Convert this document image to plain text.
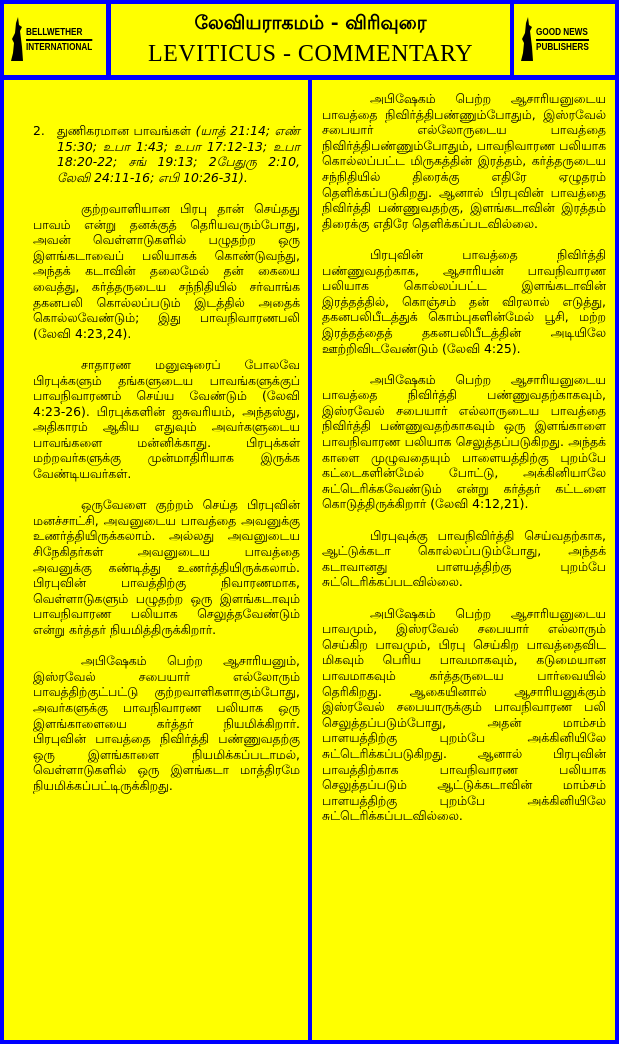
BELLWETHER
INTERNATIONAL
லேவியராகமம் - விரிவுரை
LEVITICUS - COMMENTARY
GOOD NEWS
PUBLISHERS
2. துணிகரமான பாவங்கள் (யாத் 21:14; எண் 15:30; உபா 1:43; உபா 17:12-13; உபா 18:20-22; சங் 19:13; 2பேதுரு 2:10, லேவி 24:11-16; எபி 10:26-31).

குற்றவாளியான பிரபு தான் செய்தது பாவம் என்று தனக்குத் தெரியவரும்போது, அவன் வெள்ளாடுகளில் பழுதற்ற ஒரு இளங்கடாவைப் பலியாகக் கொண்டுவந்து, அந்தக் கடாவின் தலைமேல் தன் கையை வைத்து, கர்த்தருடைய சந்நிதியில் சர்வாங்க தகனபலி கொல்லப்படும் இடத்தில் அதைக் கொல்லவேண்டும்; இது பாவநிவாரணபலி (லேவி 4:23,24).

சாதாரண மனுஷரைப் போலவே பிரபுக்களும் தங்களுடைய பாவங்களுக்குப் பாவநிவாரணம் செய்ய வேண்டும் (லேவி 4:23-26). பிரபுக்களின் ஐசுவரியம், அந்தஸ்து, அதிகாரம் ஆகிய எதுவும் அவர்களுடைய பாவங்களை மன்னிக்காது. பிரபுக்கள் மற்றவர்களுக்கு முன்மாதிரியாக இருக்க வேண்டியவர்கள்.

ஒருவேளை குற்றம் செய்த பிரபுவின் மனச்சாட்சி, அவனுடைய பாவத்தை அவனுக்கு உணர்த்தியிருக்கலாம். அல்லது அவனுடைய சிநேகிதர்கள் அவனுடைய பாவத்தை அவனுக்கு கண்டித்து உணர்த்தியிருக்கலாம். பிரபுவின் பாவத்திற்கு நிவாரணமாக, வெள்ளாடுகளும் பழுதற்ற ஒரு இளங்கடாவும் பாவநிவாரண பலியாக செலுத்தவேண்டும் என்று கர்த்தர் நியமித்திருக்கிறார்.

அபிஷேகம் பெற்ற ஆசாரியனும், இஸ்ரவேல் சபையார் எல்லோரும் பாவத்திற்குட்பட்டு குற்றவாளிகளாகும்போது, அவர்களுக்கு பாவநிவாரண பலியாக ஒரு இளங்காளையை கர்த்தர் நியமிக்கிறார். பிரபுவின் பாவத்தை நிவிர்த்தி பண்ணுவதற்கு ஒரு இளங்காளை நியமிக்கப்படாமல், வெள்ளாடுகளில் ஒரு இளங்கடா மாத்திரமே நியமிக்கப்பட்டிருக்கிறது.

அபிஷேகம் பெற்ற ஆசாரியனுடைய பாவத்தை நிவிர்த்திபண்ணும்போதும், இஸ்ரவேல் சபையார் எல்லோருடைய பாவத்தை நிவிர்த்திபண்ணும்போதும், பாவநிவாரண பலியாக கொல்லப்பட்ட மிருகத்தின் இரத்தம், கர்த்தருடைய சந்நிதியில் திரைக்கு எதிரே ஏழுதரம் தெளிக்கப்படுகிறது. ஆனால் பிரபுவின் பாவத்தை நிவிர்த்தி பண்ணுவதற்கு, இளங்கடாவின் இரத்தம் திரைக்கு எதிரே தெளிக்கப்படவில்லை.

பிரபுவின் பாவத்தை நிவிர்த்தி பண்ணுவதற்காக, ஆசாரியன் பாவநிவாரண பலியாக கொல்லப்பட்ட இளங்கடாவின் இரத்தத்தில், கொஞ்சம் தன் விரலால் எடுத்து, தகனபலிபீடத்துக் கொம்புகளின்மேல் பூசி, மற்ற இரத்தத்தைத் தகனபலிபீடத்தின் அடியிலே ஊற்றிவிடவேண்டும் (லேவி 4:25).

அபிஷேகம் பெற்ற ஆசாரியனுடைய பாவத்தை நிவிர்த்தி பண்ணுவதற்காகவும், இஸ்ரவேல் சபையார் எல்லாருடைய பாவத்தை நிவிர்த்தி பண்ணுவதற்காகவும் ஒரு இளங்காளை பாவநிவாரண பலியாக செலுத்தப்படுகிறது. அந்தக் காளை முழுவதையும் பாளையத்திற்கு புறம்பே கட்டைகளின்மேல் போட்டு, அக்கினியாலே சுட்டெரிக்கவேண்டும் என்று கர்த்தர் கட்டளை கொடுத்திருக்கிறார் (லேவி 4:12,21).

பிரபுவுக்கு பாவநிவிர்த்தி செய்வதற்காக, ஆட்டுக்கடா கொல்லப்படும்போது, அந்தக் கடாவானது பாளயத்திற்கு புறம்பே சுட்டெரிக்கப்படவில்லை.

அபிஷேகம் பெற்ற ஆசாரியனுடைய பாவமும், இஸ்ரவேல் சபையார் எல்லாரும் செய்கிற பாவமும், பிரபு செய்கிற பாவத்தைவிட மிகவும் பெரிய பாவமாகவும், கடுமையான பாவமாகவும் கர்த்தருடைய பார்வையில் தெரிகிறது. ஆகையினால் ஆசாரியனுக்கும் இஸ்ரவேல் சபையாருக்கும் பாவநிவாரண பலி செலுத்தப்படும்போது, அதன் மாம்சம் பாளயத்திற்கு புறம்பே அக்கினியிலே சுட்டெரிக்கப்படுகிறது. ஆனால் பிரபுவின் பாவத்திற்காக பாவநிவாரண பலியாக செலுத்தப்படும் ஆட்டுக்கடாவின் மாம்சம் பாளயத்திற்கு புறம்பே அக்கினியிலே சுட்டெரிக்கப்படவில்லை.
